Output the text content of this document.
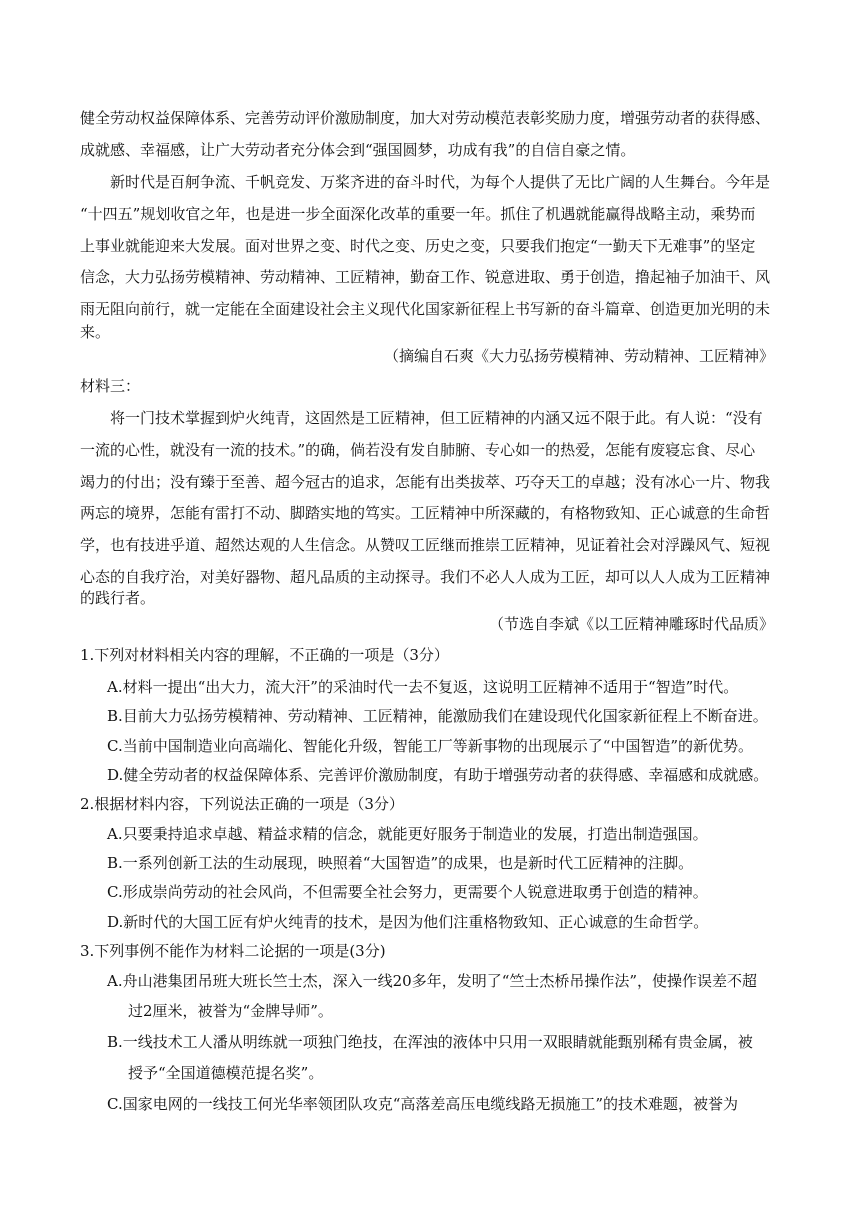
健全劳动权益保障体系、完善劳动评价激励制度，加大对劳动模范表彰奖励力度，增强劳动者的获得感、
成就感、幸福感，让广大劳动者充分体会到“强国圆梦，功成有我”的自信自豪之情。
新时代是百舸争流、千帆竞发、万桨齐进的奋斗时代，为每个人提供了无比广阔的人生舞台。今年是
“十四五”规划收官之年，也是进一步全面深化改革的重要一年。抓住了机遇就能赢得战略主动，乘势而
上事业就能迎来大发展。面对世界之变、时代之变、历史之变，只要我们抱定“一勤天下无难事”的坚定
信念，大力弘扬劳模精神、劳动精神、工匠精神，勤奋工作、锐意进取、勇于创造，撸起袖子加油干、风
雨无阻向前行，就一定能在全面建设社会主义现代化国家新征程上书写新的奋斗篇章、创造更加光明的未
来。
（摘编自石爽《大力弘扬劳模精神、劳动精神、工匠精神》
材料三：
将一门技术掌握到炉火纯青，这固然是工匠精神，但工匠精神的内涵又远不限于此。有人说：“没有
一流的心性，就没有一流的技术。”的确，倘若没有发自肺腑、专心如一的热爱，怎能有废寝忘食、尽心
竭力的付出；没有臻于至善、超今冠古的追求，怎能有出类拔萃、巧夺天工的卓越；没有冰心一片、物我
两忘的境界，怎能有雷打不动、脚踏实地的笃实。工匠精神中所深藏的，有格物致知、正心诚意的生命哲
学，也有技进乎道、超然达观的人生信念。从赞叹工匠继而推崇工匠精神，见证着社会对浮躁风气、短视
心态的自我疗治，对美好器物、超凡品质的主动探寻。我们不必人人成为工匠，却可以人人成为工匠精神
的践行者。
（节选自李斌《以工匠精神雕琢时代品质》
1.下列对材料相关内容的理解，不正确的一项是（3分）
A.材料一提出“出大力，流大汗”的采油时代一去不复返，这说明工匠精神不适用于“智造”时代。
B.目前大力弘扬劳模精神、劳动精神、工匠精神，能激励我们在建设现代化国家新征程上不断奋进。
C.当前中国制造业向高端化、智能化升级，智能工厂等新事物的出现展示了“中国智造”的新优势。
D.健全劳动者的权益保障体系、完善评价激励制度，有助于增强劳动者的获得感、幸福感和成就感。
2.根据材料内容，下列说法正确的一项是（3分）
A.只要秉持追求卓越、精益求精的信念，就能更好服务于制造业的发展，打造出制造强国。
B.一系列创新工法的生动展现，映照着“大国智造”的成果，也是新时代工匠精神的注脚。
C.形成崇尚劳动的社会风尚，不但需要全社会努力，更需要个人锐意进取勇于创造的精神。
D.新时代的大国工匠有炉火纯青的技术，是因为他们注重格物致知、正心诚意的生命哲学。
3.下列事例不能作为材料二论据的一项是(3分)
A.舟山港集团吊班大班长竺士杰，深入一线20多年，发明了“竺士杰桥吊操作法”，使操作误差不超
过2厘米，被誉为“金牌导师”。
B.一线技术工人潘从明练就一项独门绝技，在浑浊的液体中只用一双眼睛就能甄别稀有贵金属，被
授予“全国道德模范提名奖”。
C.国家电网的一线技工何光华率领团队攻克“高落差高压电缆线路无损施工”的技术难题，被誉为
